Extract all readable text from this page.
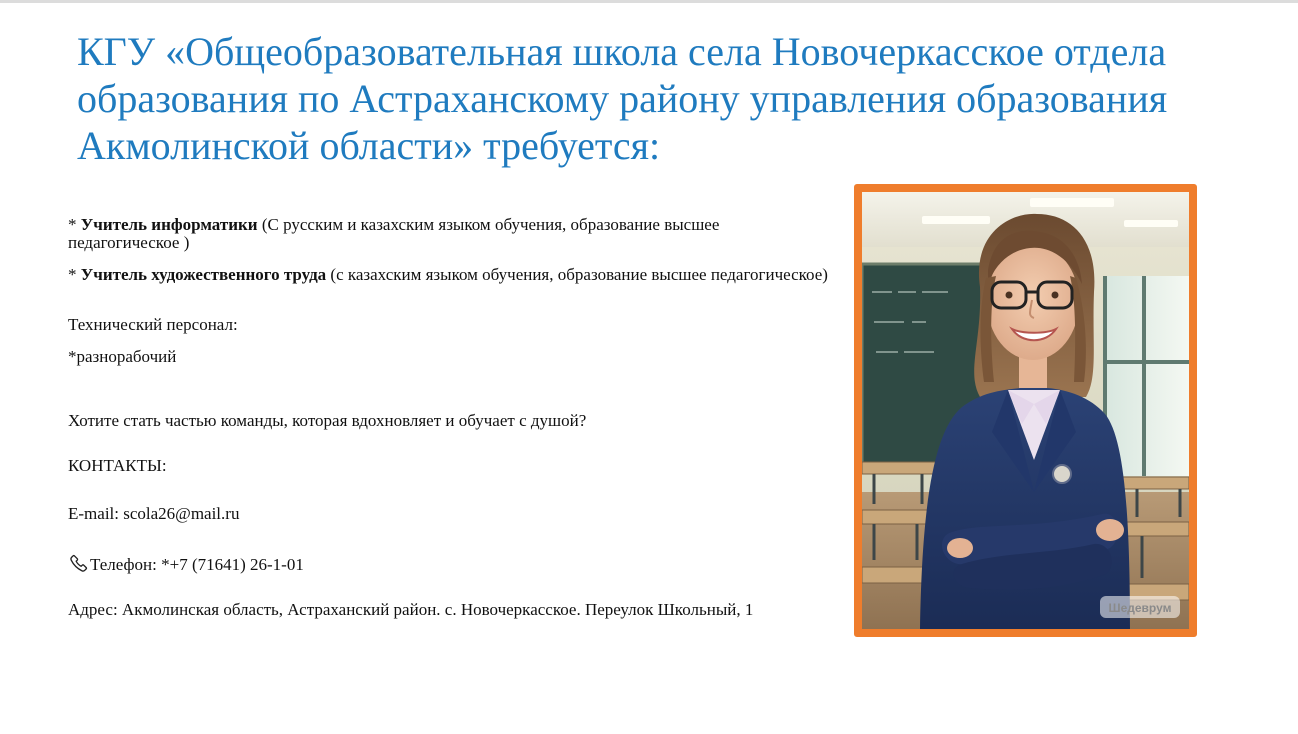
КГУ «Общеобразовательная школа села Новочеркасское отдела образования по Астраханскому району управления образования Акмолинской области» требуется:

* Учитель информатики (С русским и казахским языком обучения, образование высшее педагогическое )

* Учитель художественного труда (с казахским языком обучения, образование высшее педагогическое)

Технический персонал:

*разнорабочий

Хотите стать частью команды, которая вдохновляет и обучает с душой?

КОНТАКТЫ:

E-mail: scola26@mail.ru

Телефон: *+7 (71641) 26-1-01

Адрес: Акмолинская область, Астраханский район. с. Новочеркасское. Переулок Школьный, 1	Шедеврум
